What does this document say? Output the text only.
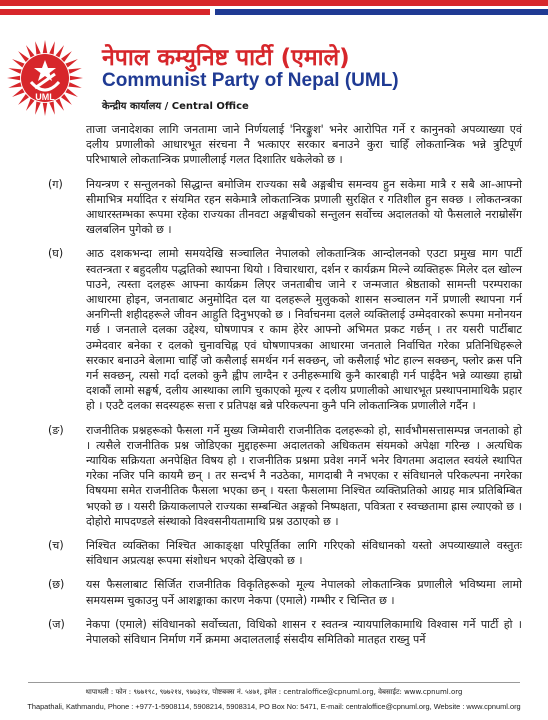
UML
नेपाल कम्युनिष्ट पार्टी (एमाले)
Communist Party of Nepal (UML)
केन्द्रीय कार्यालय / Central Office

ताजा जनादेशका लागि जनतामा जाने निर्णयलाई 'निरङ्कुश' भनेर आरोपित गर्ने र कानुनको अपव्याख्या एवं दलीय प्रणालीको आधारभूत संरचना नै भत्काएर सरकार बनाउने कुरा चाहिँ लोकतान्त्रिक भन्ने त्रुटिपूर्ण परिभाषाले लोकतान्त्रिक प्रणालीलाई गलत दिशातिर धकेलेको छ ।

(ग)	नियन्त्रण र सन्तुलनको सिद्धान्त बमोजिम राज्यका सबै अङ्गबीच समन्वय हुन सकेमा मात्रै र सबै आ-आफ्नो सीमाभित्र मर्यादित र संयमित रहन सकेमात्रै लोकतान्त्रिक प्रणाली सुरक्षित र गतिशील हुन सक्छ । लोकतन्त्रका आधारस्तम्भका रूपमा रहेका राज्यका तीनवटा अङ्गबीचको सन्तुलन सर्वोच्च अदालतको यो फैसलाले नराम्रोसँग खलबलिन पुगेको छ ।

(घ)	आठ दशकभन्दा लामो समयदेखि सञ्चालित नेपालको लोकतान्त्रिक आन्दोलनको एउटा प्रमुख माग पार्टी स्वतन्त्रता र बहुदलीय पद्धतिको स्थापना थियो । विचारधारा, दर्शन र कार्यक्रम मिल्ने व्यक्तिहरू मिलेर दल खोल्न पाउने, त्यस्ता दलहरू आफ्ना कार्यक्रम लिएर जनताबीच जाने र जन्मजात श्रेष्ठताको सामन्ती परम्पराका आधारमा होइन, जनताबाट अनुमोदित दल या दलहरूले मुलुकको शासन सञ्चालन गर्ने प्रणाली स्थापना गर्न अनगिन्ती शहीदहरूले जीवन आहुति दिनुभएको छ । निर्वाचनमा दलले व्यक्तिलाई उम्मेदवारको रूपमा मनोनयन गर्छ । जनताले दलका उद्देश्य, घोषणापत्र र काम हेरेर आफ्नो अभिमत प्रकट गर्छन् । तर यसरी पार्टीबाट उम्मेदवार बनेका र दलको चुनावचिह्न एवं घोषणापत्रका आधारमा जनताले निर्वाचित गरेका प्रतिनिधिहरूले सरकार बनाउने बेलामा चाहिँ जो कसैलाई समर्थन गर्न सक्छन्, जो कसैलाई भोट हाल्न सक्छन्, फ्लोर क्रस पनि गर्न सक्छन्, त्यसो गर्दा दलको कुनै ह्वीप लाग्दैन र उनीहरूमाथि कुनै कारबाही गर्न पाईदैन भन्ने व्याख्या हाम्रो दशकौं लामो सङ्घर्ष, दलीय आस्थाका लागि चुकाएको मूल्य र दलीय प्रणालीको आधारभूत प्रस्थापनामाथिकै प्रहार हो । एउटै दलका सदस्यहरू सत्ता र प्रतिपक्ष बन्ने परिकल्पना कुनै पनि लोकतान्त्रिक प्रणालीले गर्दैन ।

(ङ)	राजनीतिक प्रश्नहरूको फैसला गर्ने मुख्य जिम्मेवारी राजनीतिक दलहरूको हो, सार्वभौमसत्तासम्पन्न जनताको हो । त्यसैले राजनीतिक प्रश्न जोडिएका मुद्दाहरूमा अदालतको अधिकतम संयमको अपेक्षा गरिन्छ । अत्यधिक न्यायिक सक्रियता अनपेक्षित विषय हो । राजनीतिक प्रश्नमा प्रवेश नगर्ने भनेर विगतमा अदालत स्वयंले स्थापित गरेका नजिर पनि कायमै छन् । तर सन्दर्भ नै नउठेका, मागदाबी नै नभएका र संविधानले परिकल्पना नगरेका विषयमा समेत राजनीतिक फैसला भएका छन् । यस्ता फैसलामा निश्चित व्यक्तिप्रतिको आग्रह मात्र प्रतिबिम्बित भएको छ । यसरी क्रियाकलापले राज्यका सम्बन्धित अङ्गको निष्पक्षता, पवित्रता र स्वच्छतामा ह्रास ल्याएको छ । दोहोरो मापदण्डले संस्थाको विश्वसनीयतामाथि प्रश्न उठाएको छ ।

(च)	निश्चित व्यक्तिका निश्चित आकाङ्क्षा परिपूर्तिका लागि गरिएको संविधानको यस्तो अपव्याख्याले वस्तुतः संविधान अप्रत्यक्ष रूपमा संशोधन भएको देखिएको छ ।

(छ)	यस फैसलाबाट सिर्जित राजनीतिक विकृतिहरूको मूल्य नेपालको लोकतान्त्रिक प्रणालीले भविष्यमा लामो समयसम्म चुकाउनु पर्ने आशङ्काका कारण नेकपा (एमाले) गम्भीर र चिन्तित छ ।

(ज)	नेकपा (एमाले) संविधानको सर्वोच्चता, विधिको शासन र स्वतन्त्र न्यायपालिकामाथि विश्वास गर्ने पार्टी हो । नेपालको संविधान निर्माण गर्ने क्रममा अदालतलाई संसदीय समितिको मातहत राख्नु पर्ने

थापाथली : फोन : ९७७१९८, ९७७२१४, ९७७३१४, पोष्टबक्स नं. ५४७१, इमेल : centraloffice@cpnuml.org, वेबसाईट: www.cpnuml.org
Thapathali, Kathmandu, Phone : +977-1-5908114, 5908214, 5908314, PO Box No: 5471, E-mail: centraloffice@cpnuml.org, Website : www.cpnuml.org
